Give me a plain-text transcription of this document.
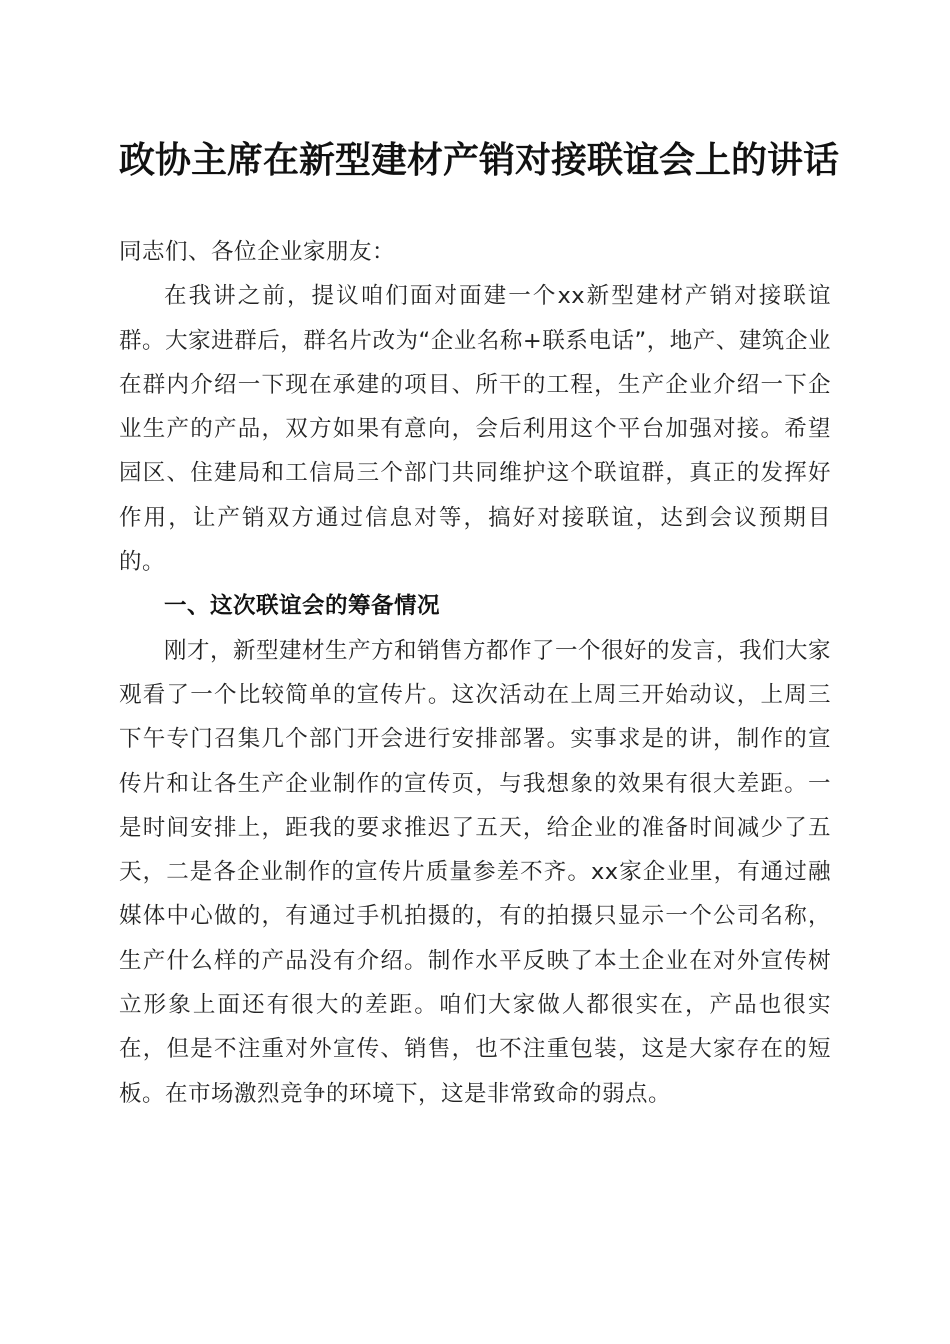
政协主席在新型建材产销对接联谊会上的讲话

同志们、各位企业家朋友：

在我讲之前，提议咱们面对面建一个xx新型建材产销对接联谊群。大家进群后，群名片改为“企业名称+联系电话”，地产、建筑企业在群内介绍一下现在承建的项目、所干的工程，生产企业介绍一下企业生产的产品，双方如果有意向，会后利用这个平台加强对接。希望园区、住建局和工信局三个部门共同维护这个联谊群，真正的发挥好作用，让产销双方通过信息对等，搞好对接联谊，达到会议预期目的。

一、这次联谊会的筹备情况

刚才，新型建材生产方和销售方都作了一个很好的发言，我们大家观看了一个比较简单的宣传片。这次活动在上周三开始动议，上周三下午专门召集几个部门开会进行安排部署。实事求是的讲，制作的宣传片和让各生产企业制作的宣传页，与我想象的效果有很大差距。一是时间安排上，距我的要求推迟了五天，给企业的准备时间减少了五天，二是各企业制作的宣传片质量参差不齐。xx家企业里，有通过融媒体中心做的，有通过手机拍摄的，有的拍摄只显示一个公司名称，生产什么样的产品没有介绍。制作水平反映了本土企业在对外宣传树立形象上面还有很大的差距。咱们大家做人都很实在，产品也很实在，但是不注重对外宣传、销售，也不注重包装，这是大家存在的短板。在市场激烈竞争的环境下，这是非常致命的弱点。
